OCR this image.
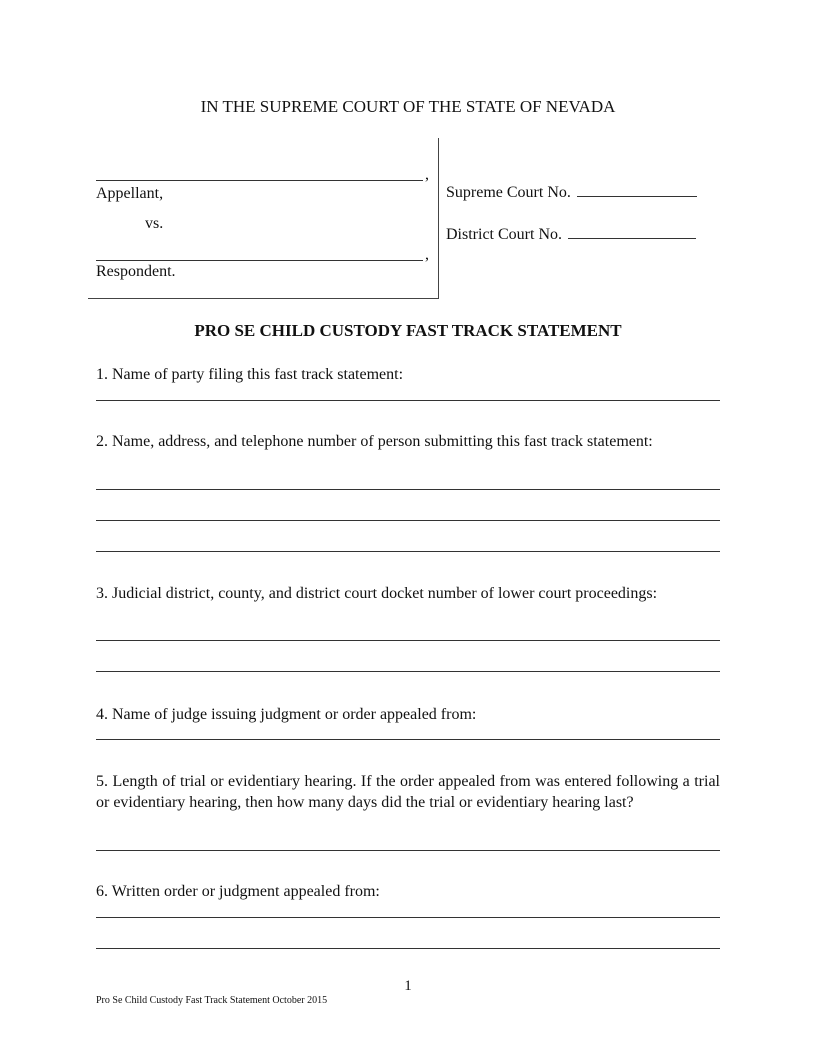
IN THE SUPREME COURT OF THE STATE OF NEVADA
,
Appellant,
vs.
,
Respondent.
Supreme Court No.
District Court No.
PRO SE CHILD CUSTODY FAST TRACK STATEMENT
1. Name of party filing this fast track statement:
2. Name, address, and telephone number of person submitting this fast track statement:
3. Judicial district, county, and district court docket number of lower court proceedings:
4. Name of judge issuing judgment or order appealed from:
5. Length of trial or evidentiary hearing. If the order appealed from was entered following a trial or evidentiary hearing, then how many days did the trial or evidentiary hearing last?
6. Written order or judgment appealed from:
1
Pro Se Child Custody Fast Track Statement October 2015
